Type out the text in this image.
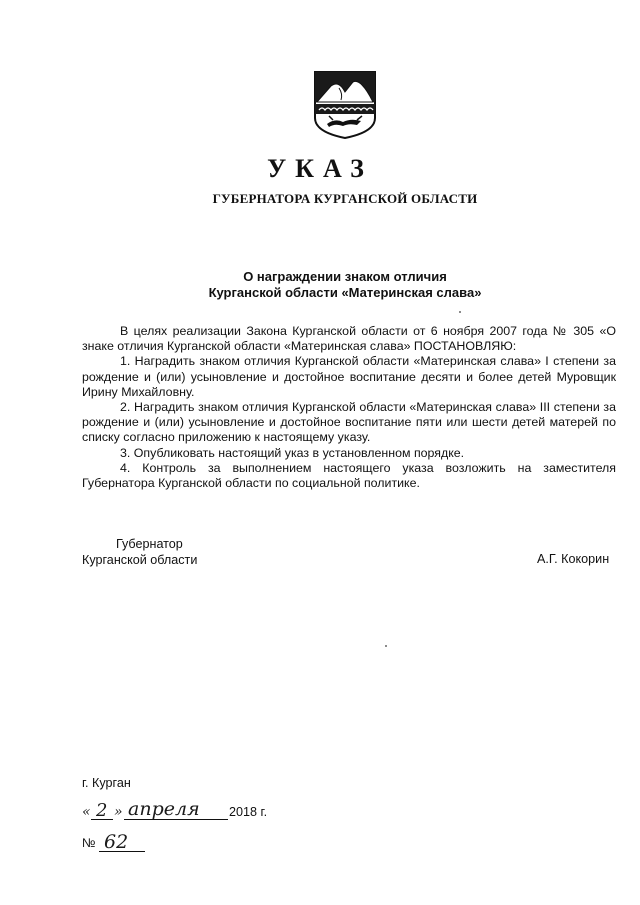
УКАЗ
ГУБЕРНАТОРА КУРГАНСКОЙ ОБЛАСТИ
О награждении знаком отличия
Курганской области «Материнская слава»

В целях реализации Закона Курганской области от 6 ноября 2007 года № 305 «О знаке отличия Курганской области «Материнская слава» ПОСТАНОВЛЯЮ:

1. Наградить знаком отличия Курганской области «Материнская слава» I степени за рождение и (или) усыновление и достойное воспитание десяти и более детей Муровщик Ирину Михайловну.

2. Наградить знаком отличия Курганской области «Материнская слава» III степени за рождение и (или) усыновление и достойное воспитание пяти или шести детей матерей по списку согласно приложению к настоящему указу.

3. Опубликовать настоящий указ в установленном порядке.

4. Контроль за выполнением настоящего указа возложить на заместителя Губернатора Курганской области по социальной политике.

Губернатор
Курганской области	А.Г. Кокорин
г. Курган
« 2 » апреля 2018 г.
№ 62
